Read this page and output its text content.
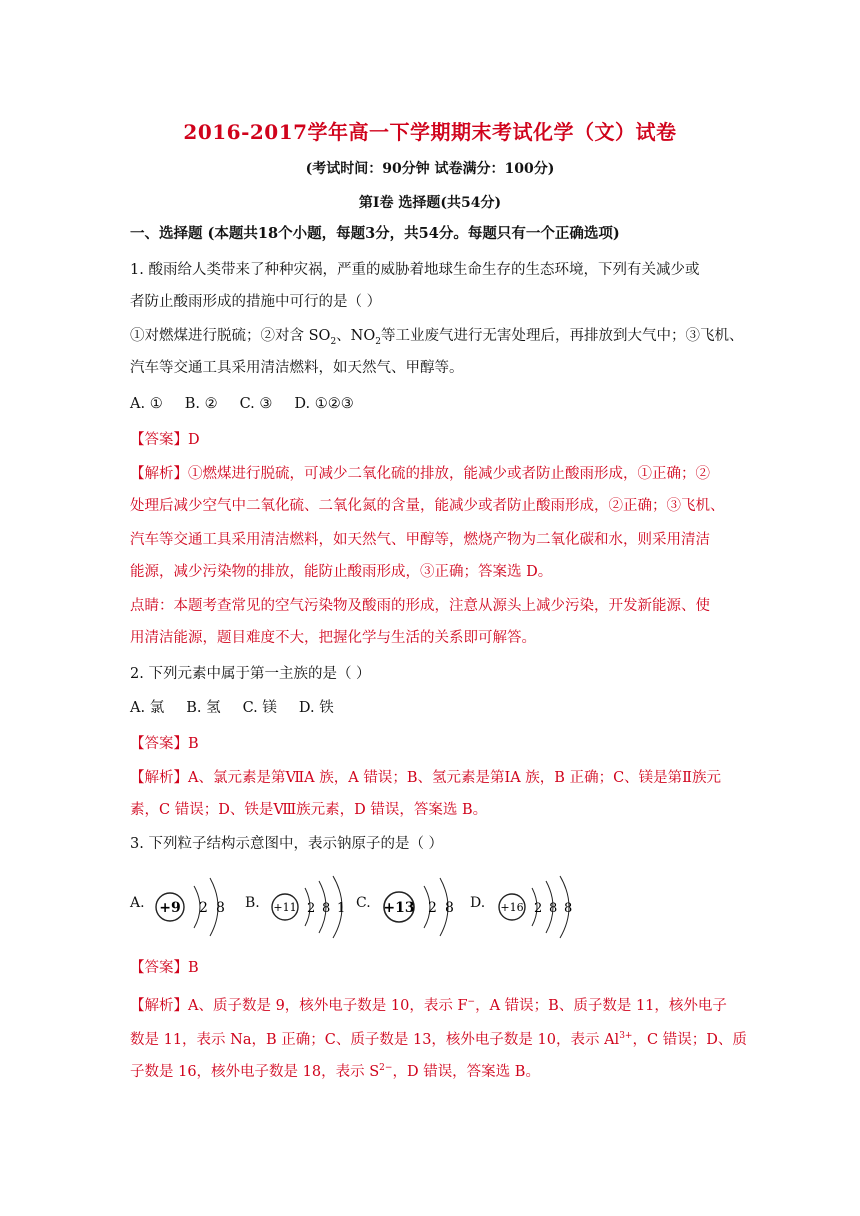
2016-2017学年高一下学期期末考试化学（文）试卷
(考试时间：90分钟 试卷满分：100分)
第Ⅰ卷 选择题(共54分)
一、选择题 (本题共18个小题，每题3分，共54分。每题只有一个正确选项)
1. 酸雨给人类带来了种种灾祸，严重的威胁着地球生命生存的生态环境，下列有关减少或
者防止酸雨形成的措施中可行的是（ ）
①对燃煤进行脱硫；②对含 $SO_2$、$NO_2$等工业废气进行无害处理后，再排放到大气中；③飞机、
汽车等交通工具采用清洁燃料，如天然气、甲醇等。
A. ① B. ② C. ③ D. ①②③
【答案】D
【解析】①燃煤进行脱硫，可减少二氧化硫的排放，能减少或者防止酸雨形成，①正确；②
处理后减少空气中二氧化硫、二氧化氮的含量，能减少或者防止酸雨形成，②正确；③飞机、
汽车等交通工具采用清洁燃料，如天然气、甲醇等，燃烧产物为二氧化碳和水，则采用清洁
能源，减少污染物的排放，能防止酸雨形成，③正确；答案选 D。
点睛：本题考查常见的空气污染物及酸雨的形成，注意从源头上减少污染，开发新能源、使
用清洁能源，题目难度不大，把握化学与生活的关系即可解答。
2. 下列元素中属于第一主族的是（ ）
A. 氯 B. 氢 C. 镁 D. 铁
【答案】B
【解析】A、氯元素是第ⅦA 族，A 错误；B、氢元素是第ⅠA 族，B 正确；C、镁是第Ⅱ族元
素，C 错误；D、铁是Ⅷ族元素，D 错误，答案选 B。
3. 下列粒子结构示意图中，表示钠原子的是（ ）
A. +9 2 8 B. +11 2 8 1 C. +13 2 8 D. +16 2 8 8
【答案】B
【解析】A、质子数是 9，核外电子数是 10，表示 F−，A 错误；B、质子数是 11，核外电子
数是 11，表示 Na，B 正确；C、质子数是 13，核外电子数是 10，表示 $Al^{3+}$，C 错误；D、质
子数是 16，核外电子数是 18，表示 $S^{2-}$，D 错误，答案选 B。
